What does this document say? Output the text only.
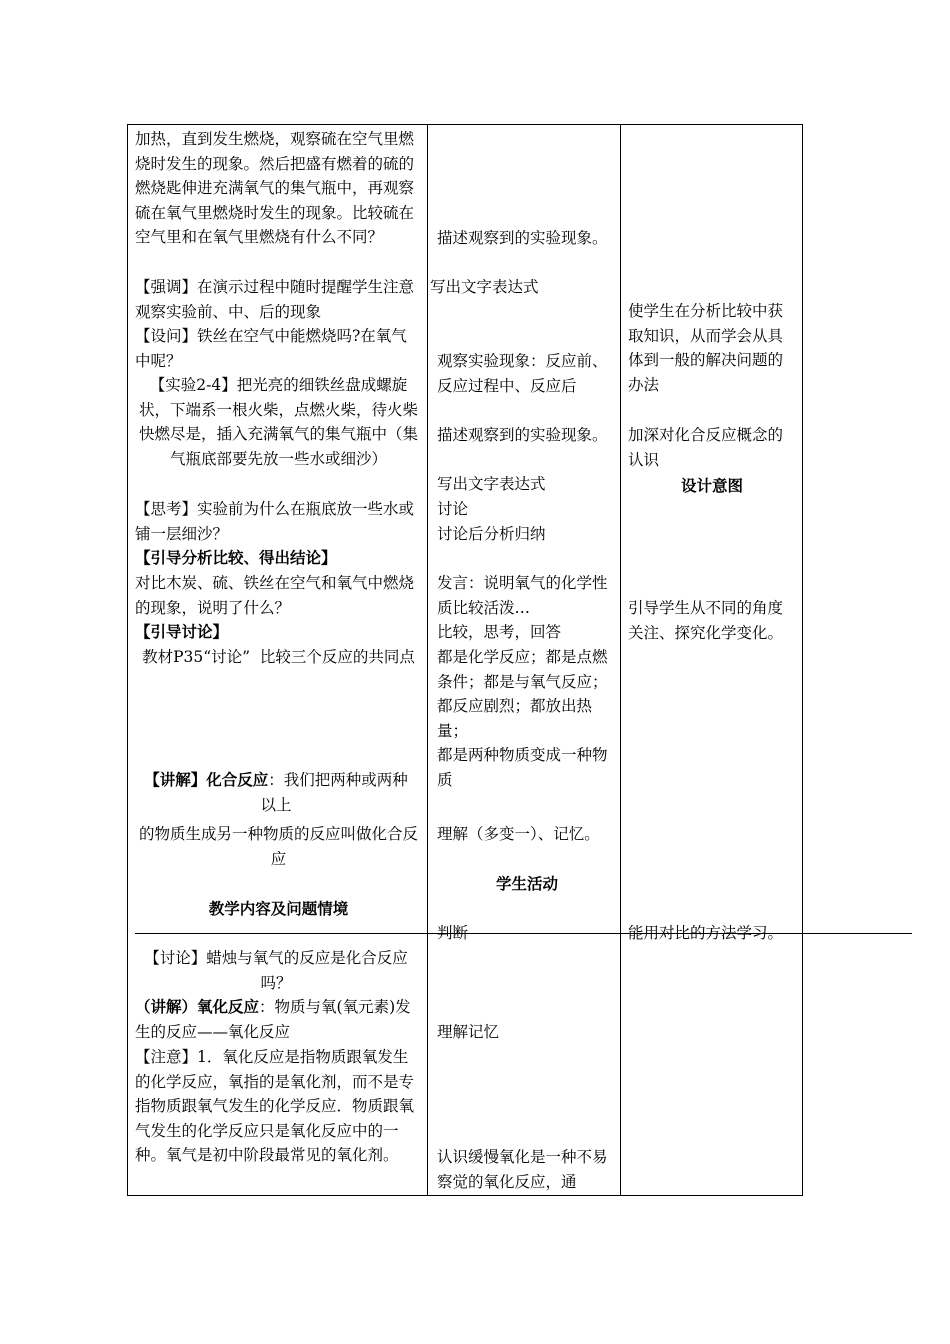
加热，直到发生燃烧，观察硫在空气里燃烧时发生的现象。然后把盛有燃着的硫的燃烧匙伸进充满氧气的集气瓶中，再观察硫在氧气里燃烧时发生的现象。比较硫在空气里和在氧气里燃烧有什么不同？
【强调】在演示过程中随时提醒学生注意观察实验前、中、后的现象
【设问】铁丝在空气中能燃烧吗?在氧气中呢？
【实验2-4】把光亮的细铁丝盘成螺旋状，下端系一根火柴，点燃火柴，待火柴快燃尽是，插入充满氧气的集气瓶中（集气瓶底部要先放一些水或细沙）
【思考】实验前为什么在瓶底放一些水或铺一层细沙？
【引导分析比较、得出结论】
对比木炭、硫、铁丝在空气和氧气中燃烧的现象，说明了什么？
【引导讨论】
教材P35“讨论”  比较三个反应的共同点
【讲解】化合反应：我们把两种或两种以上
的物质生成另一种物质的反应叫做化合反应
教学内容及问题情境
【讨论】蜡烛与氧气的反应是化合反应吗？
（讲解）氧化反应：物质与氧(氧元素)发生的反应——氧化反应
【注意】1．氧化反应是指物质跟氧发生的化学反应，氧指的是氧化剂，而不是专指物质跟氧气发生的化学反应．物质跟氧气发生的化学反应只是氧化反应中的一种。氧气是初中阶段最常见的氧化剂。
描述观察到的实验现象。
写出文字表达式
观察实验现象：反应前、反应过程中、反应后
描述观察到的实验现象。
写出文字表达式
讨论
讨论后分析归纳
发言：说明氧气的化学性质比较活泼…
比较，思考，回答
都是化学反应；都是点燃条件；都是与氧气反应；都反应剧烈；都放出热量；
都是两种物质变成一种物质
理解（多变一）、记忆。
学生活动
判断
理解记忆
认识缓慢氧化是一种不易察觉的氧化反应，通
使学生在分析比较中获取知识，从而学会从具体到一般的解决问题的办法
加深对化合反应概念的认识
设计意图
引导学生从不同的角度关注、探究化学变化。
能用对比的方法学习。
